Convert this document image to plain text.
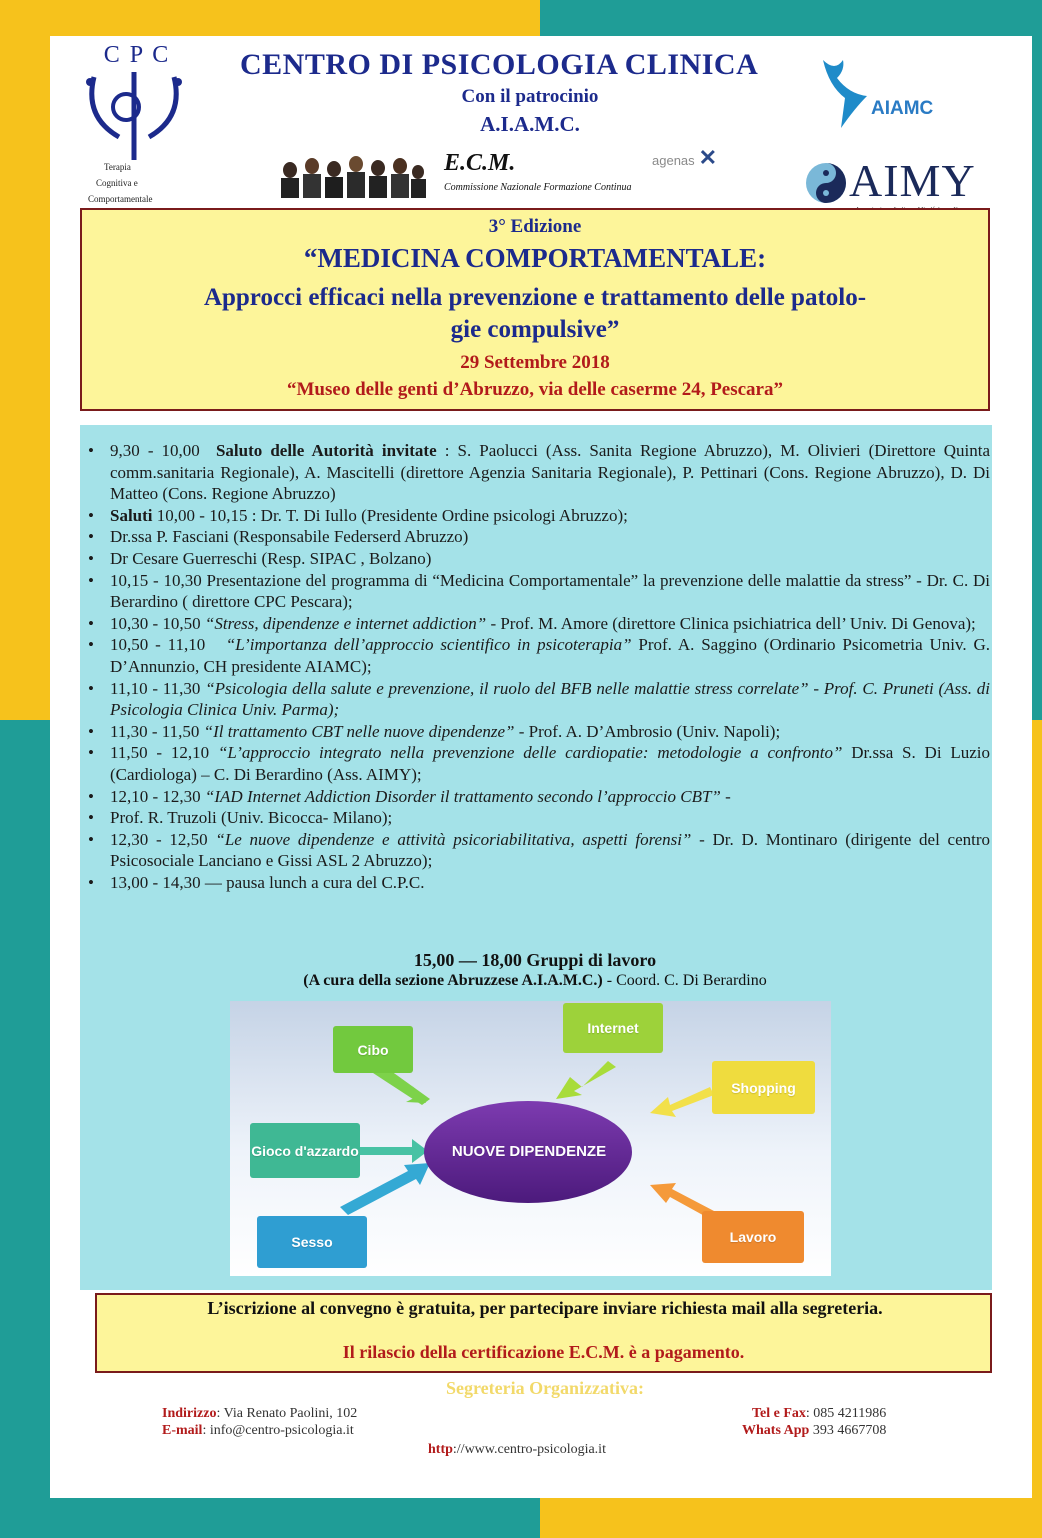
C P C
Terapia
Cognitiva e
Comportamentale
CENTRO DI PSICOLOGIA CLINICA
Con il patrocinio
A.I.A.M.C.
E.C.M.
Commissione Nazionale Formazione Continua
agenas ✕
AIAMC
AIMY
3° Edizione
“MEDICINA COMPORTAMENTALE:
Approcci efficaci nella prevenzione e trattamento delle patolo-
gie compulsive”
29 Settembre 2018
“Museo delle genti d’Abruzzo, via delle caserme 24, Pescara”
• 9,30 - 10,00 Saluto delle Autorità invitate : S. Paolucci (Ass. Sanita Regione Abruzzo), M. Olivieri (Direttore Quinta comm.sanitaria Regionale), A. Mascitelli (direttore Agenzia Sanitaria Regionale), P. Pettinari (Cons. Regione Abruzzo), D. Di Matteo (Cons. Regione Abruzzo)
• Saluti 10,00 - 10,15 : Dr. T. Di Iullo (Presidente Ordine psicologi Abruzzo);
• Dr.ssa P. Fasciani (Responsabile Federserd Abruzzo)
• Dr Cesare Guerreschi (Resp. SIPAC , Bolzano)
• 10,15 - 10,30 Presentazione del programma di “Medicina Comportamentale” la prevenzione delle malattie da stress” - Dr. C. Di Berardino ( direttore CPC Pescara);
• 10,30 - 10,50 “Stress, dipendenze e internet addiction” - Prof. M. Amore (direttore Clinica psichiatrica dell’ Univ. Di Genova);
• 10,50 - 11,10 “L’importanza dell’approccio scientifico in psicoterapia” Prof. A. Saggino (Ordinario Psicometria Univ. G. D’Annunzio, CH presidente AIAMC);
• 11,10 - 11,30 “Psicologia della salute e prevenzione, il ruolo del BFB nelle malattie stress correlate” - Prof. C. Pruneti (Ass. di Psicologia Clinica Univ. Parma);
• 11,30 - 11,50 “Il trattamento CBT nelle nuove dipendenze” - Prof. A. D’Ambrosio (Univ. Napoli);
• 11,50 - 12,10 “L’approccio integrato nella prevenzione delle cardiopatie: metodologie a confronto” Dr.ssa S. Di Luzio (Cardiologa) – C. Di Berardino (Ass. AIMY);
• 12,10 - 12,30 “IAD Internet Addiction Disorder il trattamento secondo l’approccio CBT” -
• Prof. R. Truzoli (Univ. Bicocca- Milano);
• 12,30 - 12,50 “Le nuove dipendenze e attività psicoriabilitativa, aspetti forensi” - Dr. D. Montinaro (dirigente del centro Psicosociale Lanciano e Gissi ASL 2 Abruzzo);
• 13,00 - 14,30 — pausa lunch a cura del C.P.C.
15,00 — 18,00 Gruppi di lavoro
(A cura della sezione Abruzzese A.I.A.M.C.) - Coord. C. Di Berardino
NUOVE DIPENDENZE
Cibo
Internet
Shopping
Gioco d'azzardo
Sesso	Lavoro
L’iscrizione al convegno è gratuita, per partecipare inviare richiesta mail alla segreteria.
Il rilascio della certificazione E.C.M. è a pagamento.
Segreteria Organizzativa:
Indirizzo: Via Renato Paolini, 102
E-mail: info@centro-psicologia.it
Tel e Fax: 085 4211986
Whats App 393 4667708
http://www.centro-psicologia.it
